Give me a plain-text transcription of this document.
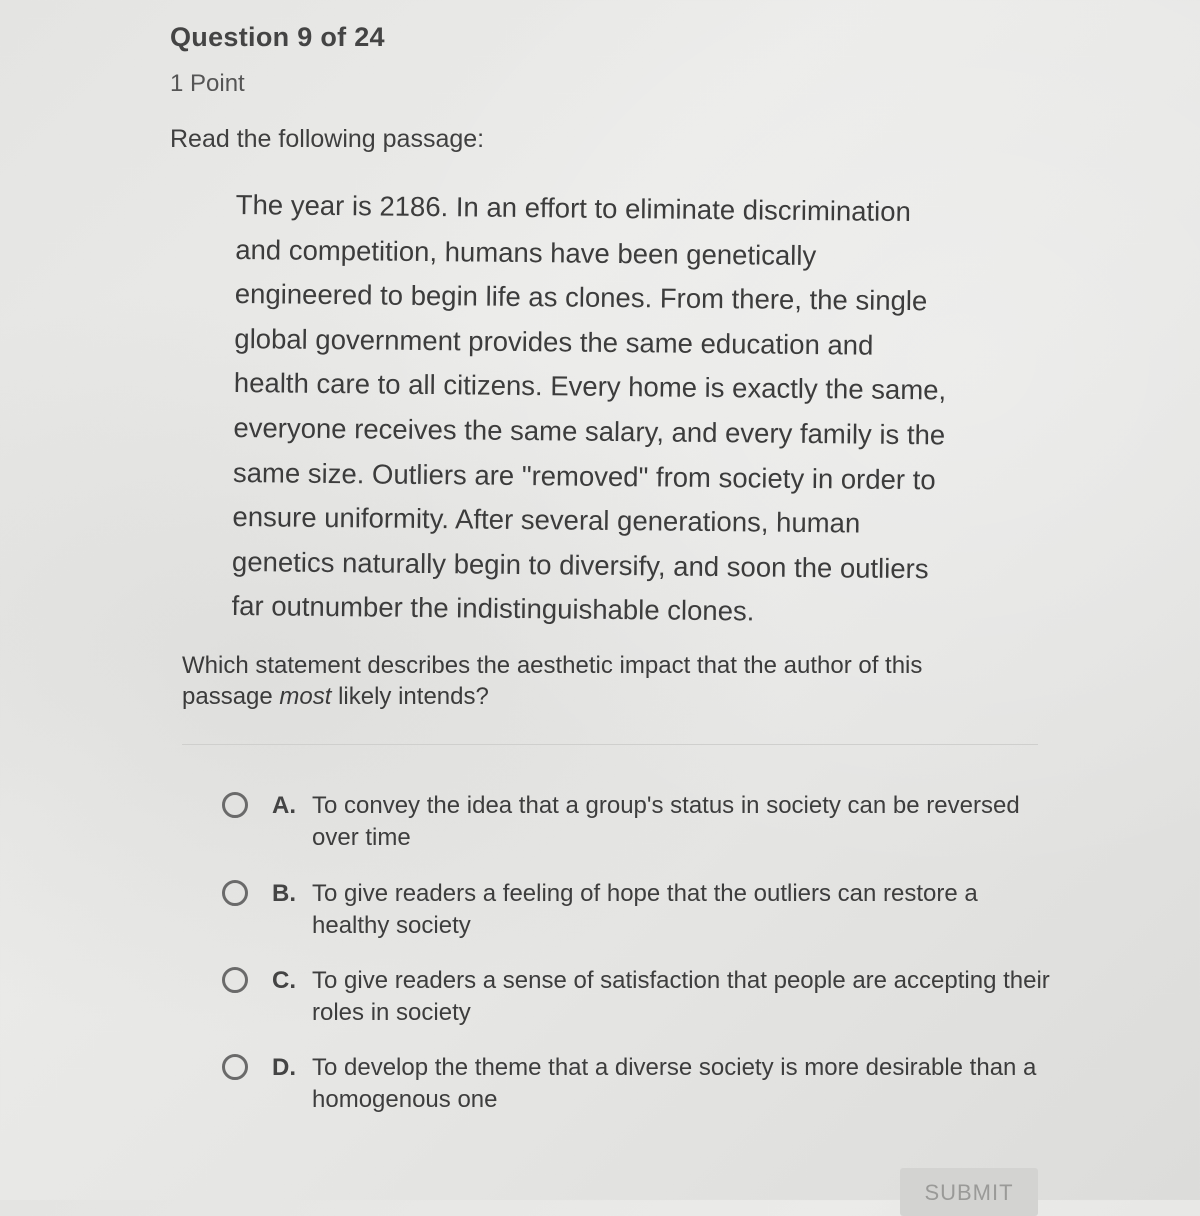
Question 9 of 24
1 Point
Read the following passage:
The year is 2186. In an effort to eliminate discrimination
and competition, humans have been genetically
engineered to begin life as clones. From there, the single
global government provides the same education and
health care to all citizens. Every home is exactly the same,
everyone receives the same salary, and every family is the
same size. Outliers are "removed" from society in order to
ensure uniformity. After several generations, human
genetics naturally begin to diversify, and soon the outliers
far outnumber the indistinguishable clones.
Which statement describes the aesthetic impact that the author of this passage most likely intends?
A. To convey the idea that a group's status in society can be reversed over time
B. To give readers a feeling of hope that the outliers can restore a healthy society
C. To give readers a sense of satisfaction that people are accepting their roles in society
D. To develop the theme that a diverse society is more desirable than a homogenous one
SUBMIT
